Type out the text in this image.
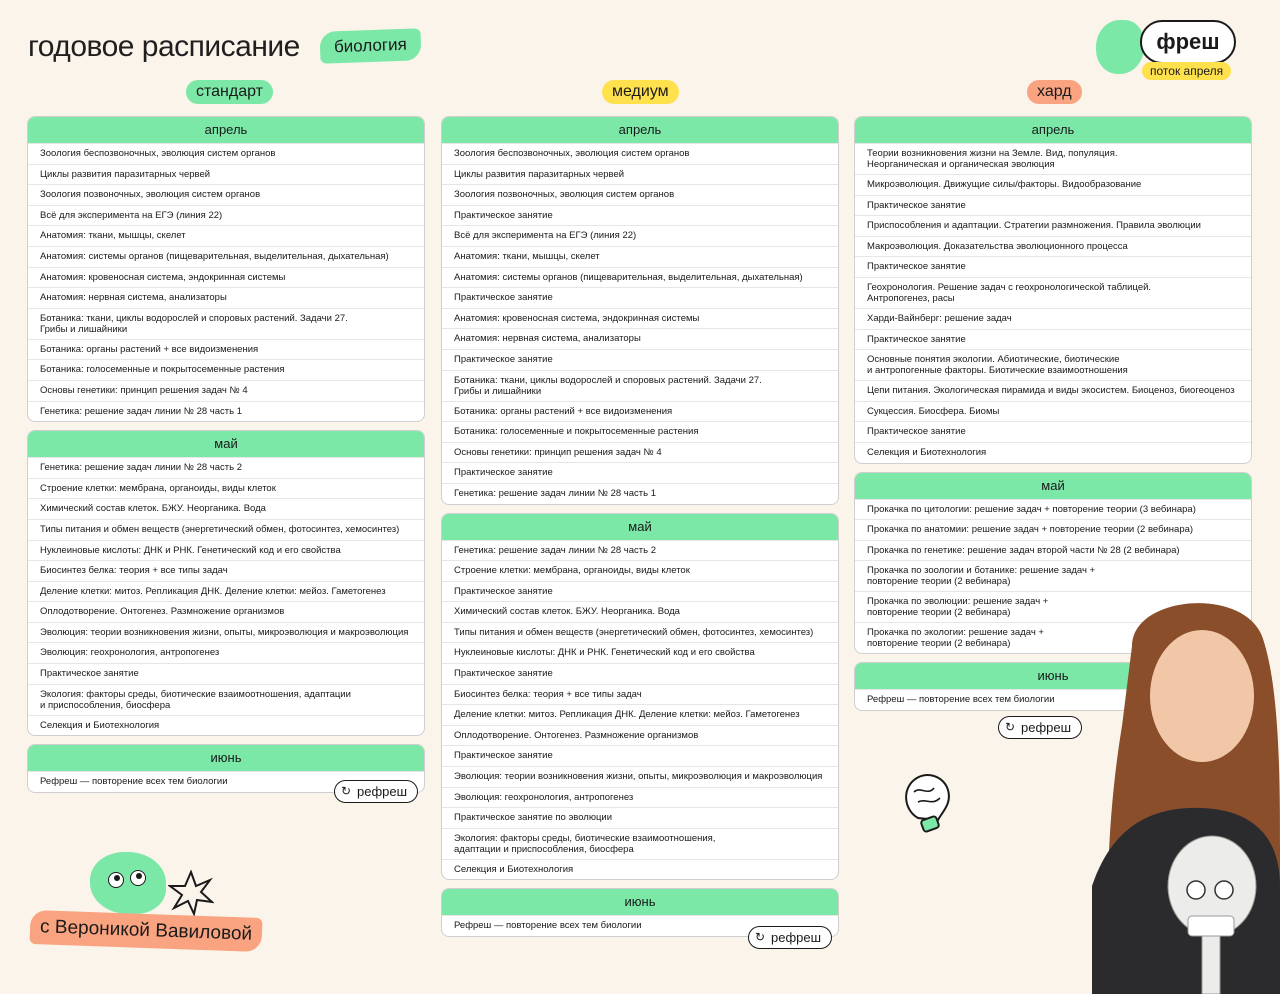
годовое расписание	биология	фреш
поток апреля
стандарт	медиум	хард
апрель
Зоология беспозвоночных, эволюция систем органов
Циклы развития паразитарных червей
Зоология позвоночных, эволюция систем органов
Всё для эксперимента на ЕГЭ (линия 22)
Анатомия: ткани, мышцы, скелет
Анатомия: системы органов (пищеварительная, выделительная, дыхательная)
Анатомия: кровеносная система, эндокринная системы
Анатомия: нервная система, анализаторы
Ботаника: ткани, циклы водорослей и споровых растений. Задачи 27.
Грибы и лишайники
Ботаника: органы растений + все видоизменения
Ботаника: голосеменные и покрытосеменные растения
Основы генетики: принцип решения задач № 4
Генетика: решение задач линии № 28 часть 1
май
Генетика: решение задач линии № 28 часть 2
Строение клетки: мембрана, органоиды, виды клеток
Химический состав клеток. БЖУ. Неорганика. Вода
Типы питания и обмен веществ (энергетический обмен, фотосинтез, хемосинтез)
Нуклеиновые кислоты: ДНК и РНК. Генетический код и его свойства
Биосинтез белка: теория + все типы задач
Деление клетки: митоз. Репликация ДНК. Деление клетки: мейоз. Гаметогенез
Оплодотворение. Онтогенез. Размножение организмов
Эволюция: теории возникновения жизни, опыты, микроэволюция и макроэволюция
Эволюция: геохронология, антропогенез
Практическое занятие
Экология: факторы среды, биотические взаимоотношения, адаптации
и приспособления, биосфера
Селекция и Биотехнология
июнь
Рефреш — повторение всех тем биологии
апрель
Зоология беспозвоночных, эволюция систем органов
Циклы развития паразитарных червей
Зоология позвоночных, эволюция систем органов
Практическое занятие
Всё для эксперимента на ЕГЭ (линия 22)
Анатомия: ткани, мышцы, скелет
Анатомия: системы органов (пищеварительная, выделительная, дыхательная)
Практическое занятие
Анатомия: кровеносная система, эндокринная системы
Анатомия: нервная система, анализаторы
Практическое занятие
Ботаника: ткани, циклы водорослей и споровых растений. Задачи 27.
Грибы и лишайники
Ботаника: органы растений + все видоизменения
Ботаника: голосеменные и покрытосеменные растения
Основы генетики: принцип решения задач № 4
Практическое занятие
Генетика: решение задач линии № 28 часть 1
май
Генетика: решение задач линии № 28 часть 2
Строение клетки: мембрана, органоиды, виды клеток
Практическое занятие
Химический состав клеток. БЖУ. Неорганика. Вода
Типы питания и обмен веществ (энергетический обмен, фотосинтез, хемосинтез)
Нуклеиновые кислоты: ДНК и РНК. Генетический код и его свойства
Практическое занятие
Биосинтез белка: теория + все типы задач
Деление клетки: митоз. Репликация ДНК. Деление клетки: мейоз. Гаметогенез
Оплодотворение. Онтогенез. Размножение организмов
Практическое занятие
Эволюция: теории возникновения жизни, опыты, микроэволюция и макроэволюция
Эволюция: геохронология, антропогенез
Практическое занятие по эволюции
Экология: факторы среды, биотические взаимоотношения,
адаптации и приспособления, биосфера
Селекция и Биотехнология
июнь
Рефреш — повторение всех тем биологии
апрель
Теории возникновения жизни на Земле. Вид, популяция.
Неорганическая и органическая эволюция
Микроэволюция. Движущие силы/факторы. Видообразование
Практическое занятие
Приспособления и адаптации. Стратегии размножения. Правила эволюции
Макроэволюция. Доказательства эволюционного процесса
Практическое занятие
Геохронология. Решение задач с геохронологической таблицей.
Антропогенез, расы
Харди-Вайнберг: решение задач
Практическое занятие
Основные понятия экологии. Абиотические, биотические
и антропогенные факторы. Биотические взаимоотношения
Цепи питания. Экологическая пирамида и виды экосистем. Биоценоз, биогеоценоз
Сукцессия. Биосфера. Биомы
Практическое занятие
Селекция и Биотехнология
май
Прокачка по цитологии: решение задач + повторение теории (3 вебинара)
Прокачка по анатомии: решение задач + повторение теории (2 вебинара)
Прокачка по генетике: решение задач второй части № 28 (2 вебинара)
Прокачка по зоологии и ботанике: решение задач +
повторение теории (2 вебинара)
Прокачка по эволюции: решение задач +
повторение теории (2 вебинара)
Прокачка по экологии: решение задач +
повторение теории (2 вебинара)
июнь
Рефреш — повторение всех тем биологии
↻ рефреш
↻ рефреш
↻ рефреш
с Вероникой Вавиловой
